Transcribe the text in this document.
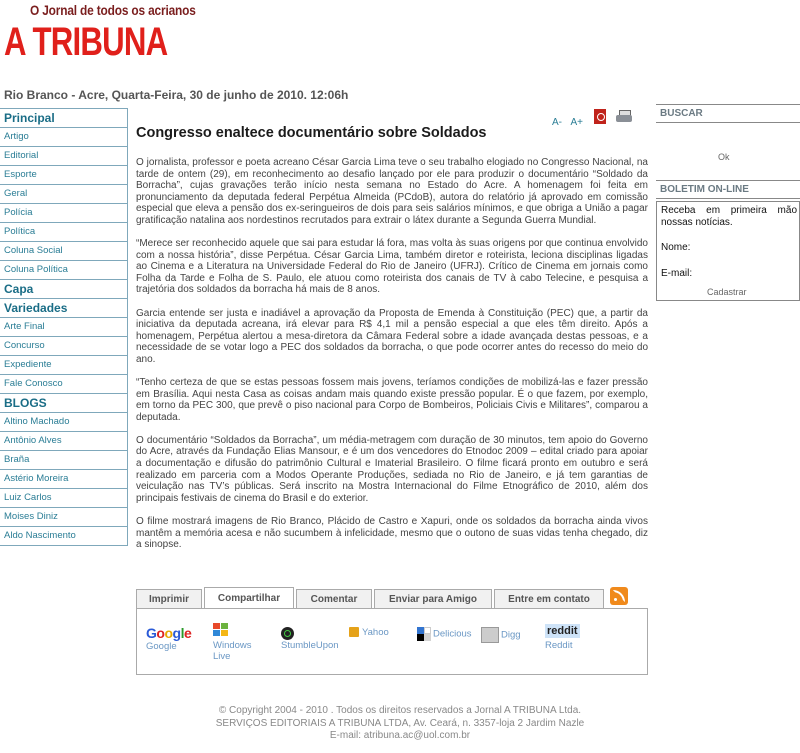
O Jornal de todos os acrianos
A TRIBUNA
Rio Branco - Acre, Quarta-Feira, 30 de junho de 2010. 12:06h
Principal
Artigo
Editorial
Esporte
Geral
Polícia
Política
Coluna Social
Coluna Política
Capa
Variedades
Arte Final
Concurso
Expediente
Fale Conosco
BLOGS
Altino Machado
Antônio Alves
Braña
Astério Moreira
Luiz Carlos
Moises Diniz
Aldo Nascimento
A- A+
Congresso enaltece documentário sobre Soldados

O jornalista, professor e poeta acreano César Garcia Lima teve o seu trabalho elogiado no Congresso Nacional, na tarde de ontem (29), em reconhecimento ao desafio lançado por ele para produzir o documentário “Soldado da Borracha”, cujas gravações terão início nesta semana no Estado do Acre. A homenagem foi feita em pronunciamento da deputada federal Perpétua Almeida (PCdoB), autora do relatório já aprovado em comissão especial que eleva a pensão dos ex-seringueiros de dois para seis salários mínimos, e que obriga a União a pagar gratificação natalina aos nordestinos recrutados para extrair o látex durante a Segunda Guerra Mundial.

“Merece ser reconhecido aquele que sai para estudar lá fora, mas volta às suas origens por que continua envolvido com a nossa história”, disse Perpétua. César Garcia Lima, também diretor e roteirista, leciona disciplinas ligadas ao Cinema e a Literatura na Universidade Federal do Rio de Janeiro (UFRJ). Crítico de Cinema em jornais como Folha da Tarde e Folha de S. Paulo, ele atuou como roteirista dos canais de TV à cabo Telecine, e pesquisa a trajetória dos soldados da borracha há mais de 8 anos.

Garcia entende ser justa e inadiável a aprovação da Proposta de Emenda à Constituição (PEC) que, a partir da iniciativa da deputada acreana, irá elevar para R$ 4,1 mil a pensão especial a que eles têm direito. Após a homenagem, Perpétua alertou a mesa-diretora da Câmara Federal sobre a idade avançada destas pessoas, e a necessidade de se votar logo a PEC dos soldados da borracha, o que pode ocorrer antes do recesso do meio do ano.

“Tenho certeza de que se estas pessoas fossem mais jovens, teríamos condições de mobilizá-las e fazer pressão em Brasília. Aqui nesta Casa as coisas andam mais quando existe pressão popular. É o que fazem, por exemplo, em torno da PEC 300, que prevê o piso nacional para Corpo de Bombeiros, Policiais Civis e Militares”, comparou a deputada.

O documentário “Soldados da Borracha”, um média-metragem com duração de 30 minutos, tem apoio do Governo do Acre, através da Fundação Elias Mansour, e é um dos vencedores do Etnodoc 2009 – edital criado para apoiar a documentação e difusão do patrimônio Cultural e Imaterial Brasileiro. O filme ficará pronto em outubro e será realizado em parceria com a Modos Operante Produções, sediada no Rio de Janeiro, e já tem garantias de veiculação nas TV’s públicas. Será inscrito na Mostra Internacional do Filme Etnográfico de 2010, além dos principais festivais de cinema do Brasil e do exterior.

O filme mostrará imagens de Rio Branco, Plácido de Castro e Xapuri, onde os soldados da borracha ainda vivos mantêm a memória acesa e não sucumbem à infelicidade, mesmo que o outono de suas vidas tenha chegado, diz a sinopse.

Imprimir	Compartilhar	Comentar	Enviar para Amigo	Entre em contato
Google
Google	Windows Live
StumbleUpon
Yahoo	Delicious	Digg reddit
Reddit
BUSCAR
Ok
BOLETIM ON-LINE
Receba em primeira mão nossas notícias.
Nome:
E-mail:
Cadastrar
© Copyright 2004 - 2010 . Todos os direitos reservados a Jornal A TRIBUNA Ltda.
SERVIÇOS EDITORIAIS A TRIBUNA LTDA, Av. Ceará, n. 3357-loja 2 Jardim Nazle
E-mail: atribuna.ac@uol.com.br
